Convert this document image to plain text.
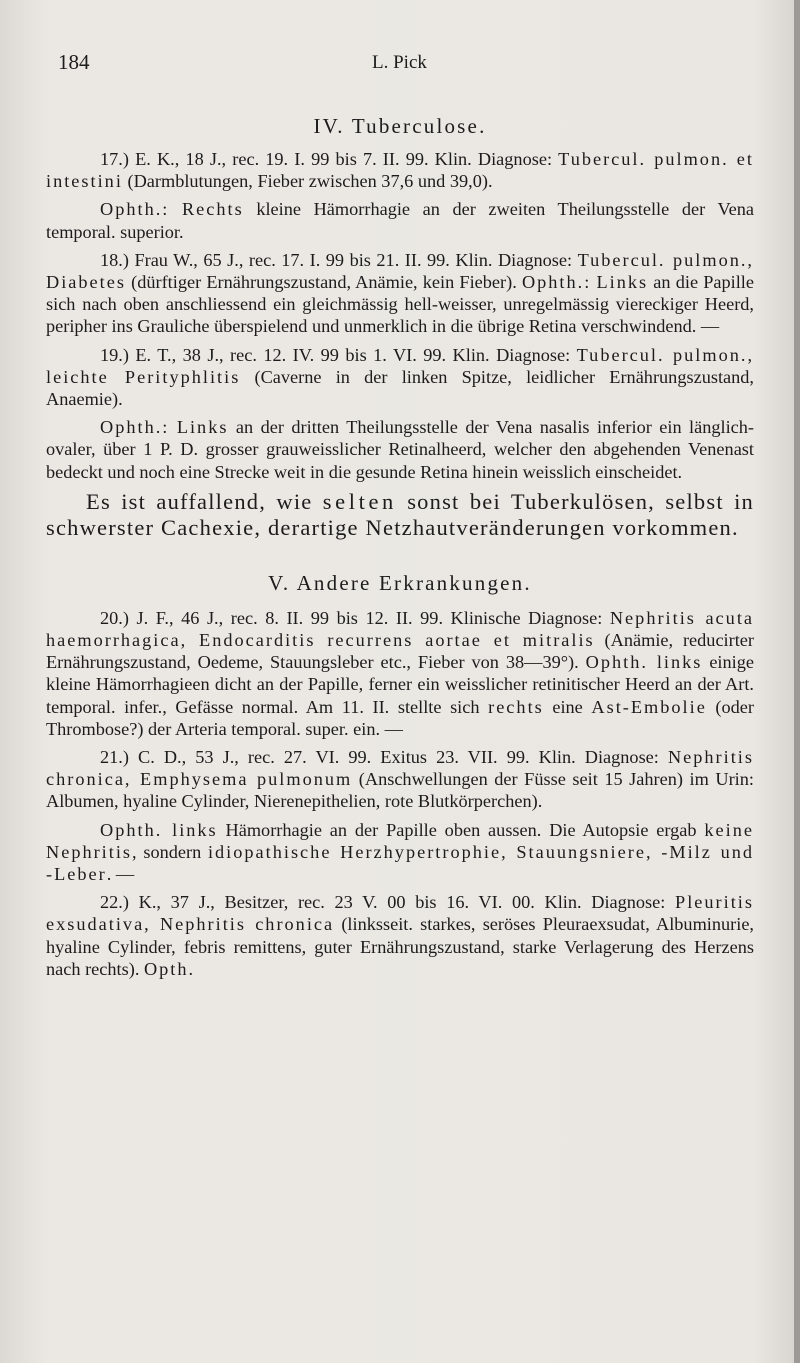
184	L. Pick
IV. Tuberculose.

17.) E. K., 18 J., rec. 19. I. 99 bis 7. II. 99. Klin. Diagnose: Tubercul. pulmon. et intestini (Darmblutungen, Fieber zwischen 37,6 und 39,0).

Ophth.: Rechts kleine Hämorrhagie an der zweiten Theilungsstelle der Vena temporal. superior.

18.) Frau W., 65 J., rec. 17. I. 99 bis 21. II. 99. Klin. Diagnose: Tubercul. pulmon., Diabetes (dürftiger Ernährungszustand, Anämie, kein Fieber). Ophth.: Links an die Papille sich nach oben anschliessend ein gleichmässig hell-weisser, unregelmässig viereckiger Heerd, peripher ins Grauliche überspielend und unmerklich in die übrige Retina verschwindend. —

19.) E. T., 38 J., rec. 12. IV. 99 bis 1. VI. 99. Klin. Diagnose: Tubercul. pulmon., leichte Perityphlitis (Caverne in der linken Spitze, leidlicher Ernährungszustand, Anaemie).

Ophth.: Links an der dritten Theilungsstelle der Vena nasalis inferior ein länglich-ovaler, über 1 P. D. grosser grauweisslicher Retinalheerd, welcher den abgehenden Venenast bedeckt und noch eine Strecke weit in die gesunde Retina hinein weisslich einscheidet.

Es ist auffallend, wie selten sonst bei Tuberkulösen, selbst in schwerster Cachexie, derartige Netzhautveränderungen vorkommen.

V. Andere Erkrankungen.

20.) J. F., 46 J., rec. 8. II. 99 bis 12. II. 99. Klinische Diagnose: Nephritis acuta haemorrhagica, Endocarditis recurrens aortae et mitralis (Anämie, reducirter Ernährungszustand, Oedeme, Stauungsleber etc., Fieber von 38—39°). Ophth. links einige kleine Hämorrhagieen dicht an der Papille, ferner ein weisslicher retinitischer Heerd an der Art. temporal. infer., Gefässe normal. Am 11. II. stellte sich rechts eine Ast-Embolie (oder Thrombose?) der Arteria temporal. super. ein. —

21.) C. D., 53 J., rec. 27. VI. 99. Exitus 23. VII. 99. Klin. Diagnose: Nephritis chronica, Emphysema pulmonum (Anschwellungen der Füsse seit 15 Jahren) im Urin: Albumen, hyaline Cylinder, Nierenepithelien, rote Blutkörperchen).

Ophth. links Hämorrhagie an der Papille oben aussen. Die Autopsie ergab keine Nephritis, sondern idiopathische Herzhypertrophie, Stauungsniere, -Milz und -Leber. —

22.) K., 37 J., Besitzer, rec. 23 V. 00 bis 16. VI. 00. Klin. Diagnose: Pleuritis exsudativa, Nephritis chronica (linksseit. starkes, seröses Pleuraexsudat, Albuminurie, hyaline Cylinder, febris remittens, guter Ernährungszustand, starke Verlagerung des Herzens nach rechts). Opth.
